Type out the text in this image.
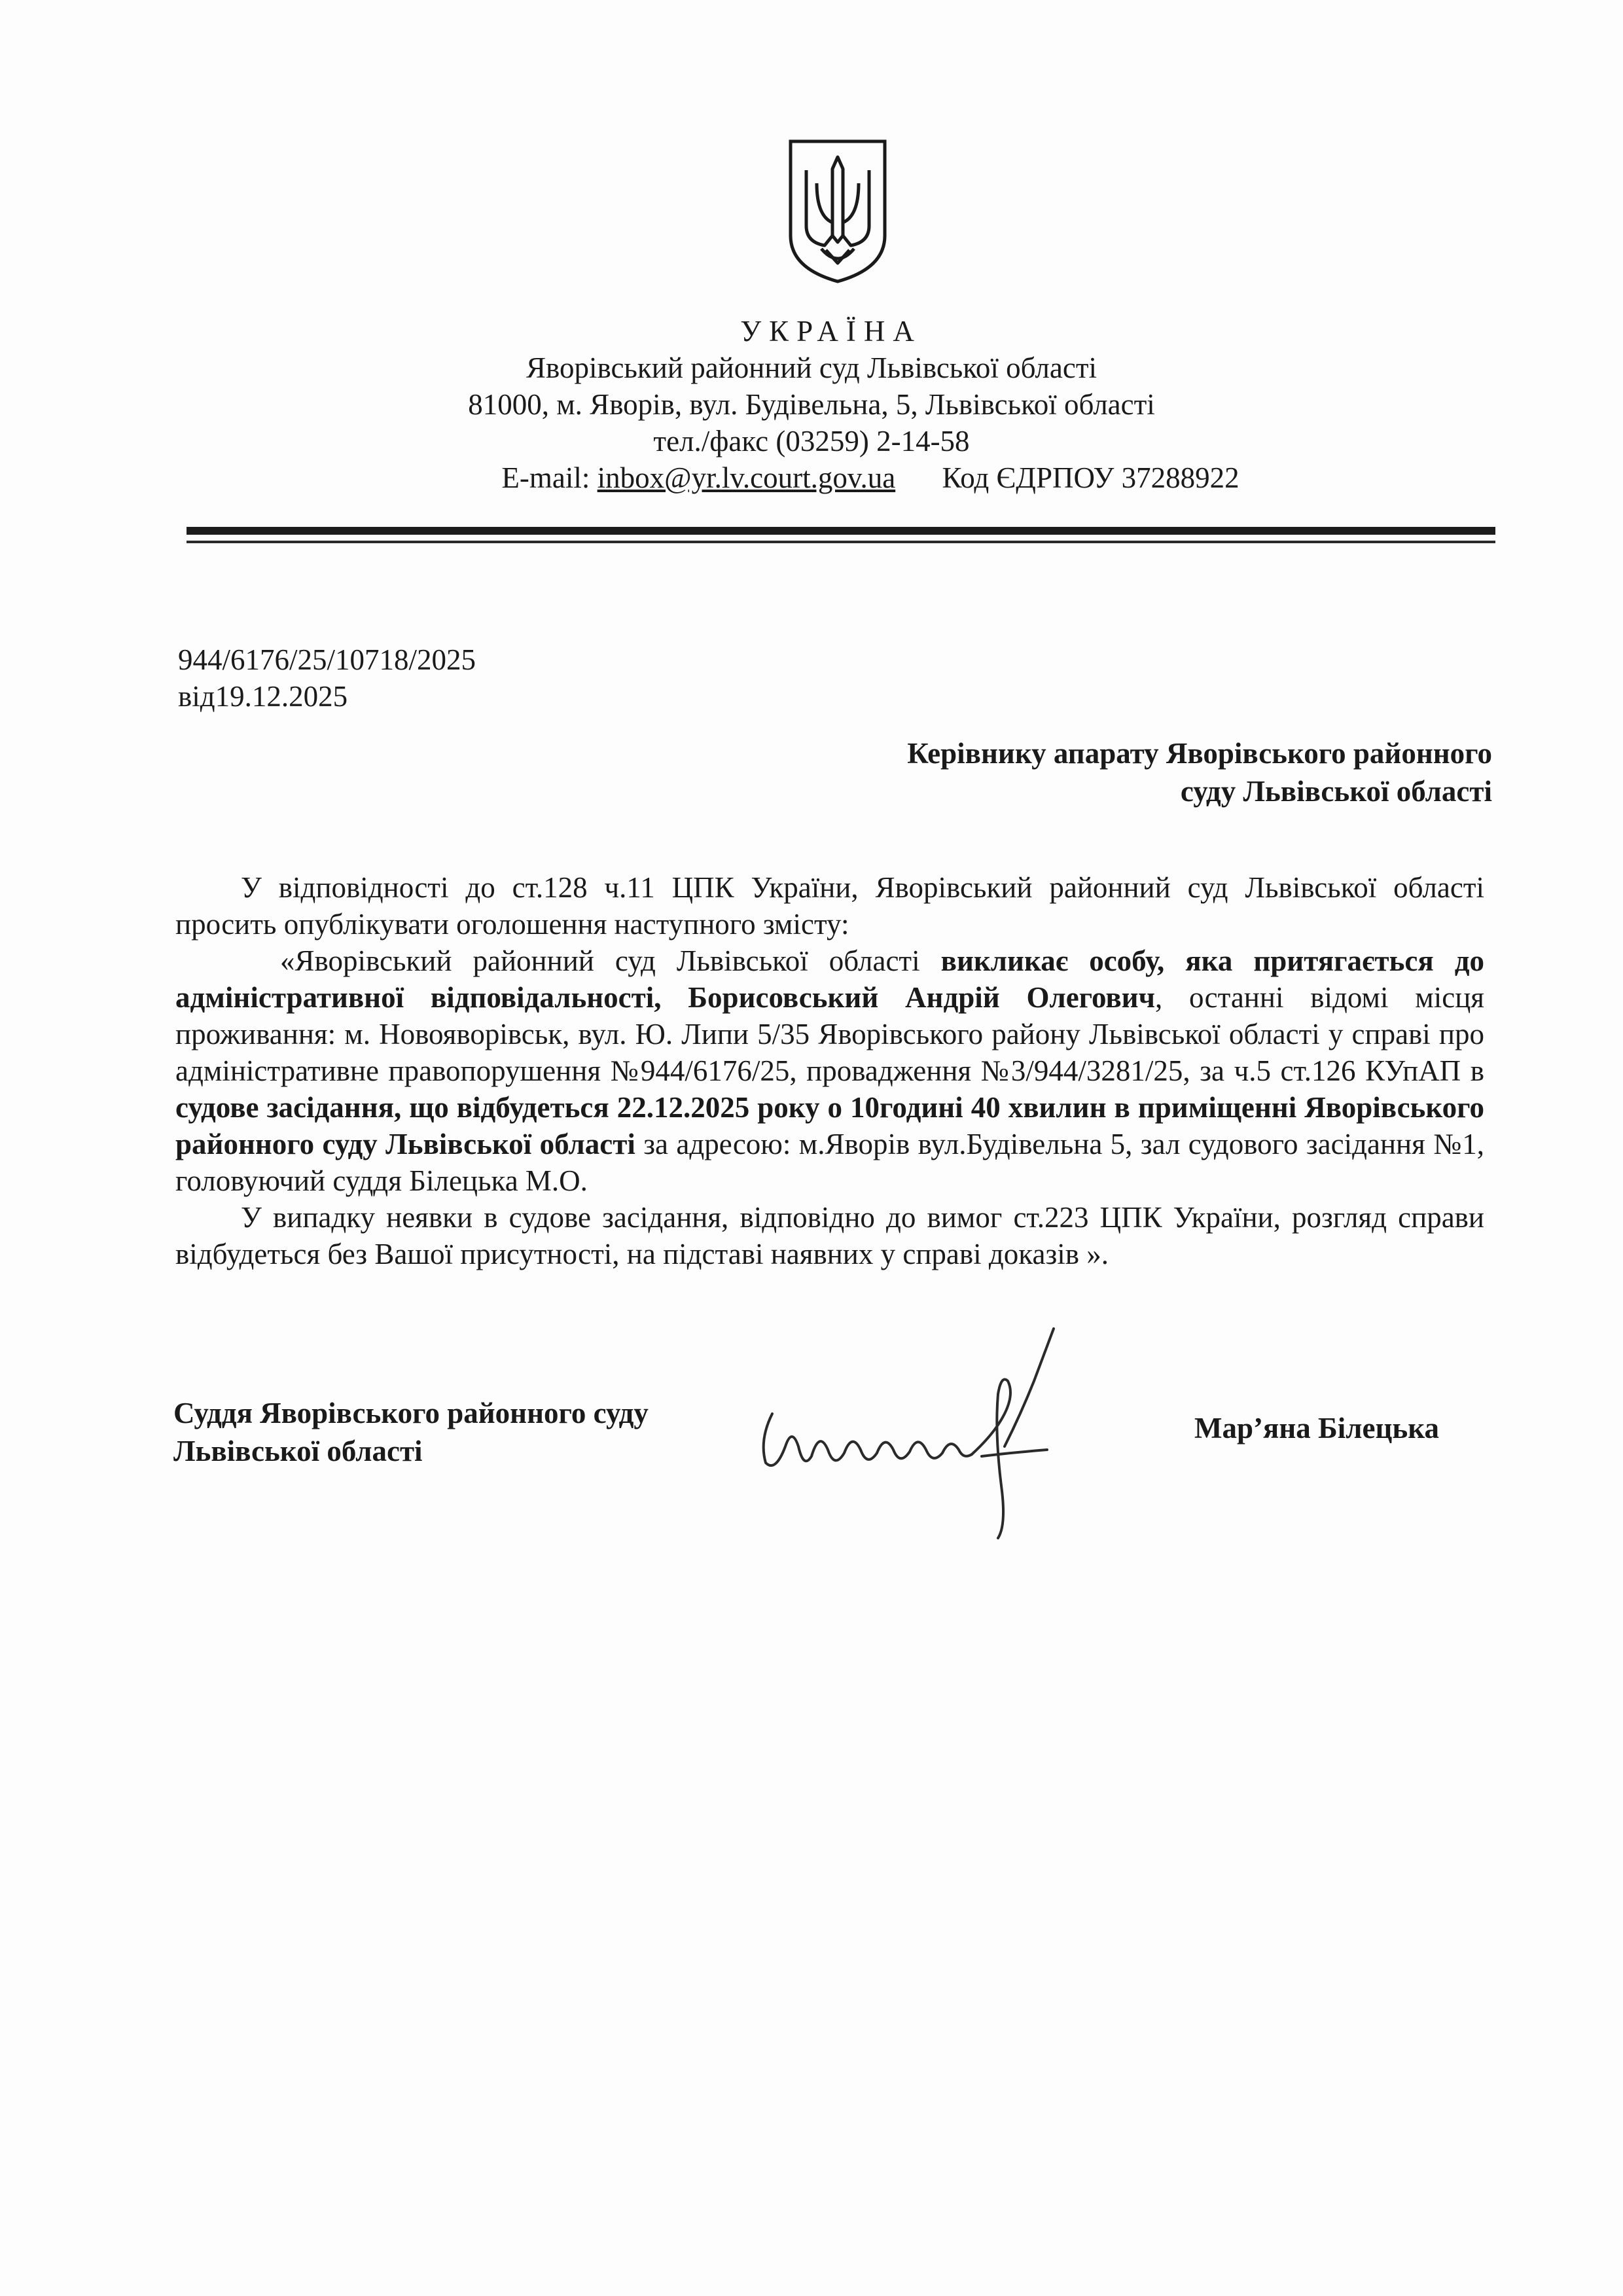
УКРАЇНА
Яворівський районний суд Львівської області
81000, м. Яворів, вул. Будівельна, 5, Львівської області
тел./факс (03259) 2-14-58
E-mail: inbox@yr.lv.court.gov.ua Код ЄДРПОУ 37288922
944/6176/25/10718/2025
від19.12.2025
Керівнику апарату Яворівського районного
суду Львівської області

У відповідності до ст.128 ч.11 ЦПК України, Яворівський районний суд Львівської області просить опублікувати оголошення наступного змісту:

«Яворівський районний суд Львівської області викликає особу, яка притягається до адміністративної відповідальності, Борисовський Андрій Олегович, останні відомі місця проживання: м. Новояворівськ, вул. Ю. Липи 5/35 Яворівського району Львівської області у справі про адміністративне правопорушення №944/6176/25, провадження №3/944/3281/25, за ч.5 ст.126 КУпАП в судове засідання, що відбудеться 22.12.2025 року о 10годині 40 хвилин в приміщенні Яворівського районного суду Львівської області за адресою: м.Яворів вул.Будівельна 5, зал судового засідання №1, головуючий суддя Білецька М.О.

У випадку неявки в судове засідання, відповідно до вимог ст.223 ЦПК України, розгляд справи відбудеться без Вашої присутності, на підставі наявних у справі доказів ».

Суддя Яворівського районного суду
Львівської області
Мар’яна Білецька
